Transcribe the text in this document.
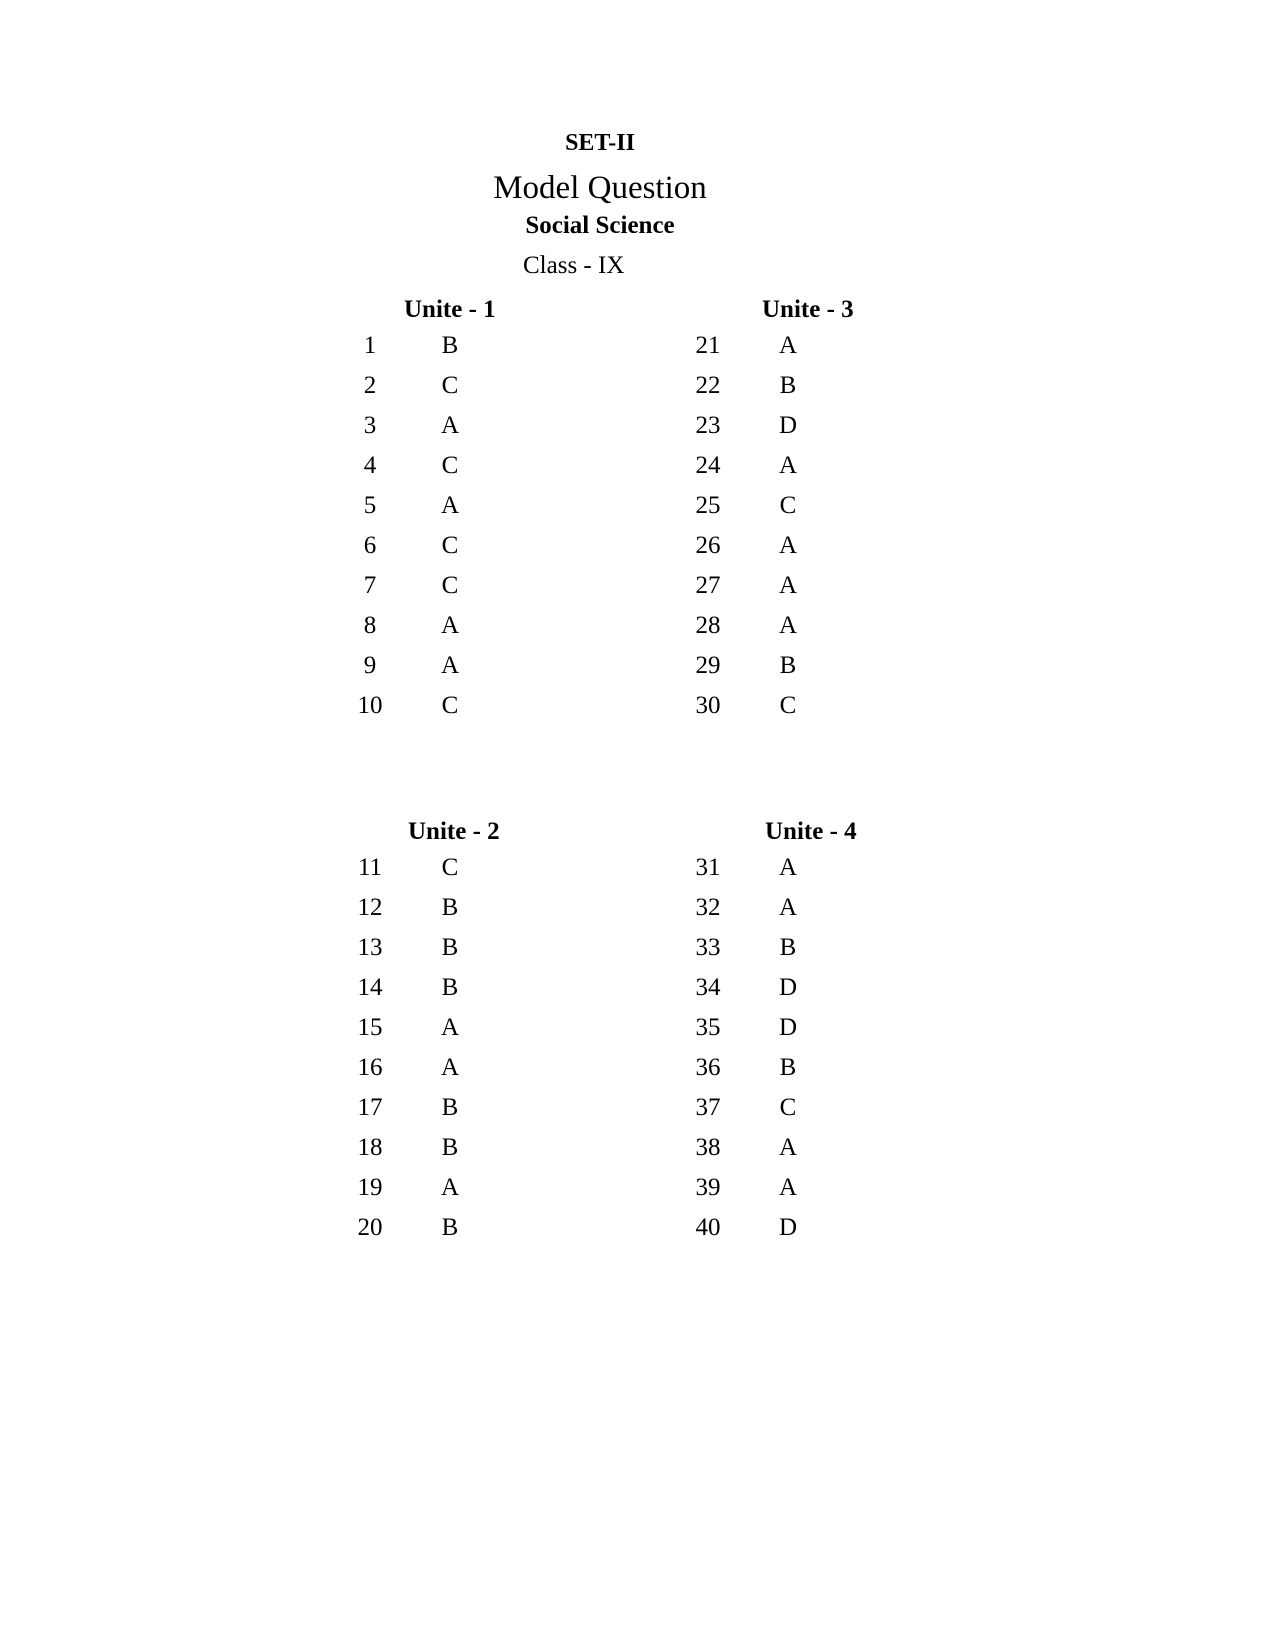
SET-II
Model Question
Social Science
Class - IX
Unite - 1
1	B
2	C
3	A
4	C
5	A
6	C
7	C
8	A
9	A
10	C
Unite - 3
21	A
22	B
23	D
24	A
25	C
26	A
27	A
28	A
29	B
30	C
Unite - 2
11	C
12	B
13	B
14	B
15	A
16	A
17	B
18	B
19	A
20	B
Unite - 4
31	A
32	A
33	B
34	D
35	D
36	B
37	C
38	A
39	A
40	D
